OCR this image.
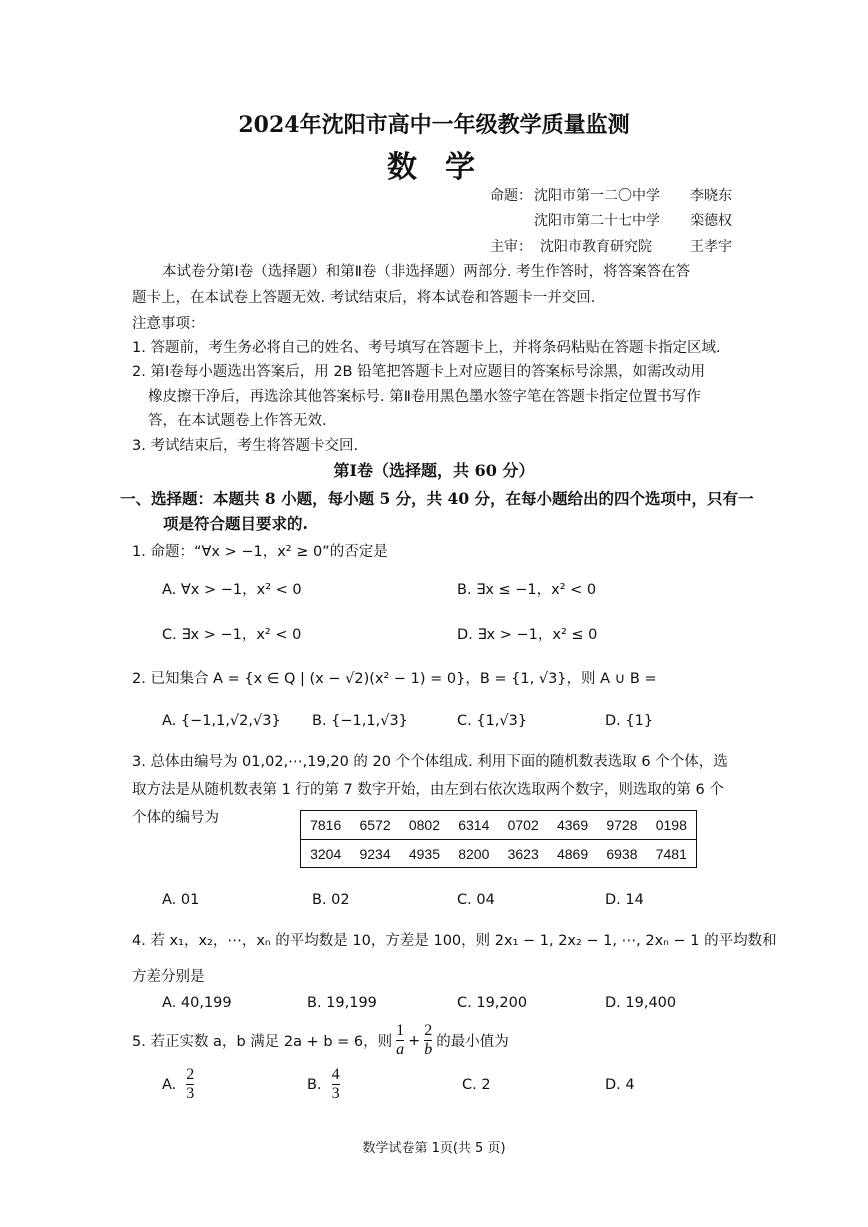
2024年沈阳市高中一年级教学质量监测
数学
命题： 沈阳市第一二〇中学 李晓东
沈阳市第二十七中学 栾德权
主审： 沈阳市教育研究院	王孝宇
本试卷分第Ⅰ卷（选择题）和第Ⅱ卷（非选择题）两部分. 考生作答时，将答案答在答
题卡上，在本试卷上答题无效. 考试结束后，将本试卷和答题卡一并交回.
注意事项：
1. 答题前，考生务必将自己的姓名、考号填写在答题卡上，并将条码粘贴在答题卡指定区域.
2. 第Ⅰ卷每小题选出答案后，用 2B 铅笔把答题卡上对应题目的答案标号涂黑，如需改动用
橡皮擦干净后，再选涂其他答案标号. 第Ⅱ卷用黑色墨水签字笔在答题卡指定位置书写作
答，在本试题卷上作答无效.
3. 考试结束后，考生将答题卡交回.
第Ⅰ卷（选择题，共 60 分）
一、选择题：本题共 8 小题，每小题 5 分，共 40 分，在每小题给出的四个选项中，只有一
项是符合题目要求的.
1. 命题：“∀x > −1，x² ≥ 0”的否定是
A. ∀x > −1，x² < 0	B. ∃x ≤ −1，x² < 0
C. ∃x > −1，x² < 0	D. ∃x > −1，x² ≤ 0
2. 已知集合 A = {x ∈ Q | (x − √2)(x² − 1) = 0}，B = {1, √3}，则 A ∪ B =
A. {−1,1,√2,√3} B. {−1,1,√3}	C. {1,√3}	D. {1}
3. 总体由编号为 01,02,⋯,19,20 的 20 个个体组成. 利用下面的随机数表选取 6 个个体，选
取方法是从随机数表第 1 行的第 7 数字开始，由左到右依次选取两个数字，则选取的第 6 个
个体的编号为	7816 6572 0802 6314 0702 4369 9728 0198
3204 9234 4935 8200 3623 4869 6938 7481
A. 01	B. 02	C. 04	D. 14
4. 若 x₁，x₂，⋯，xₙ 的平均数是 10，方差是 100，则 2x₁ − 1, 2x₂ − 1, ⋯, 2xₙ − 1 的平均数和
方差分别是
A. 40,199	B. 19,199	C. 19,200	D. 19,400
5. 若正实数 a，b 满足 2a + b = 6，则 $\frac{1}{a} + \frac{2}{b}$ 的最小值为
A. $\frac{2}{3}$	B. $\frac{4}{3}$	C. 2	D. 4
数学试卷第 1页(共 5 页)
